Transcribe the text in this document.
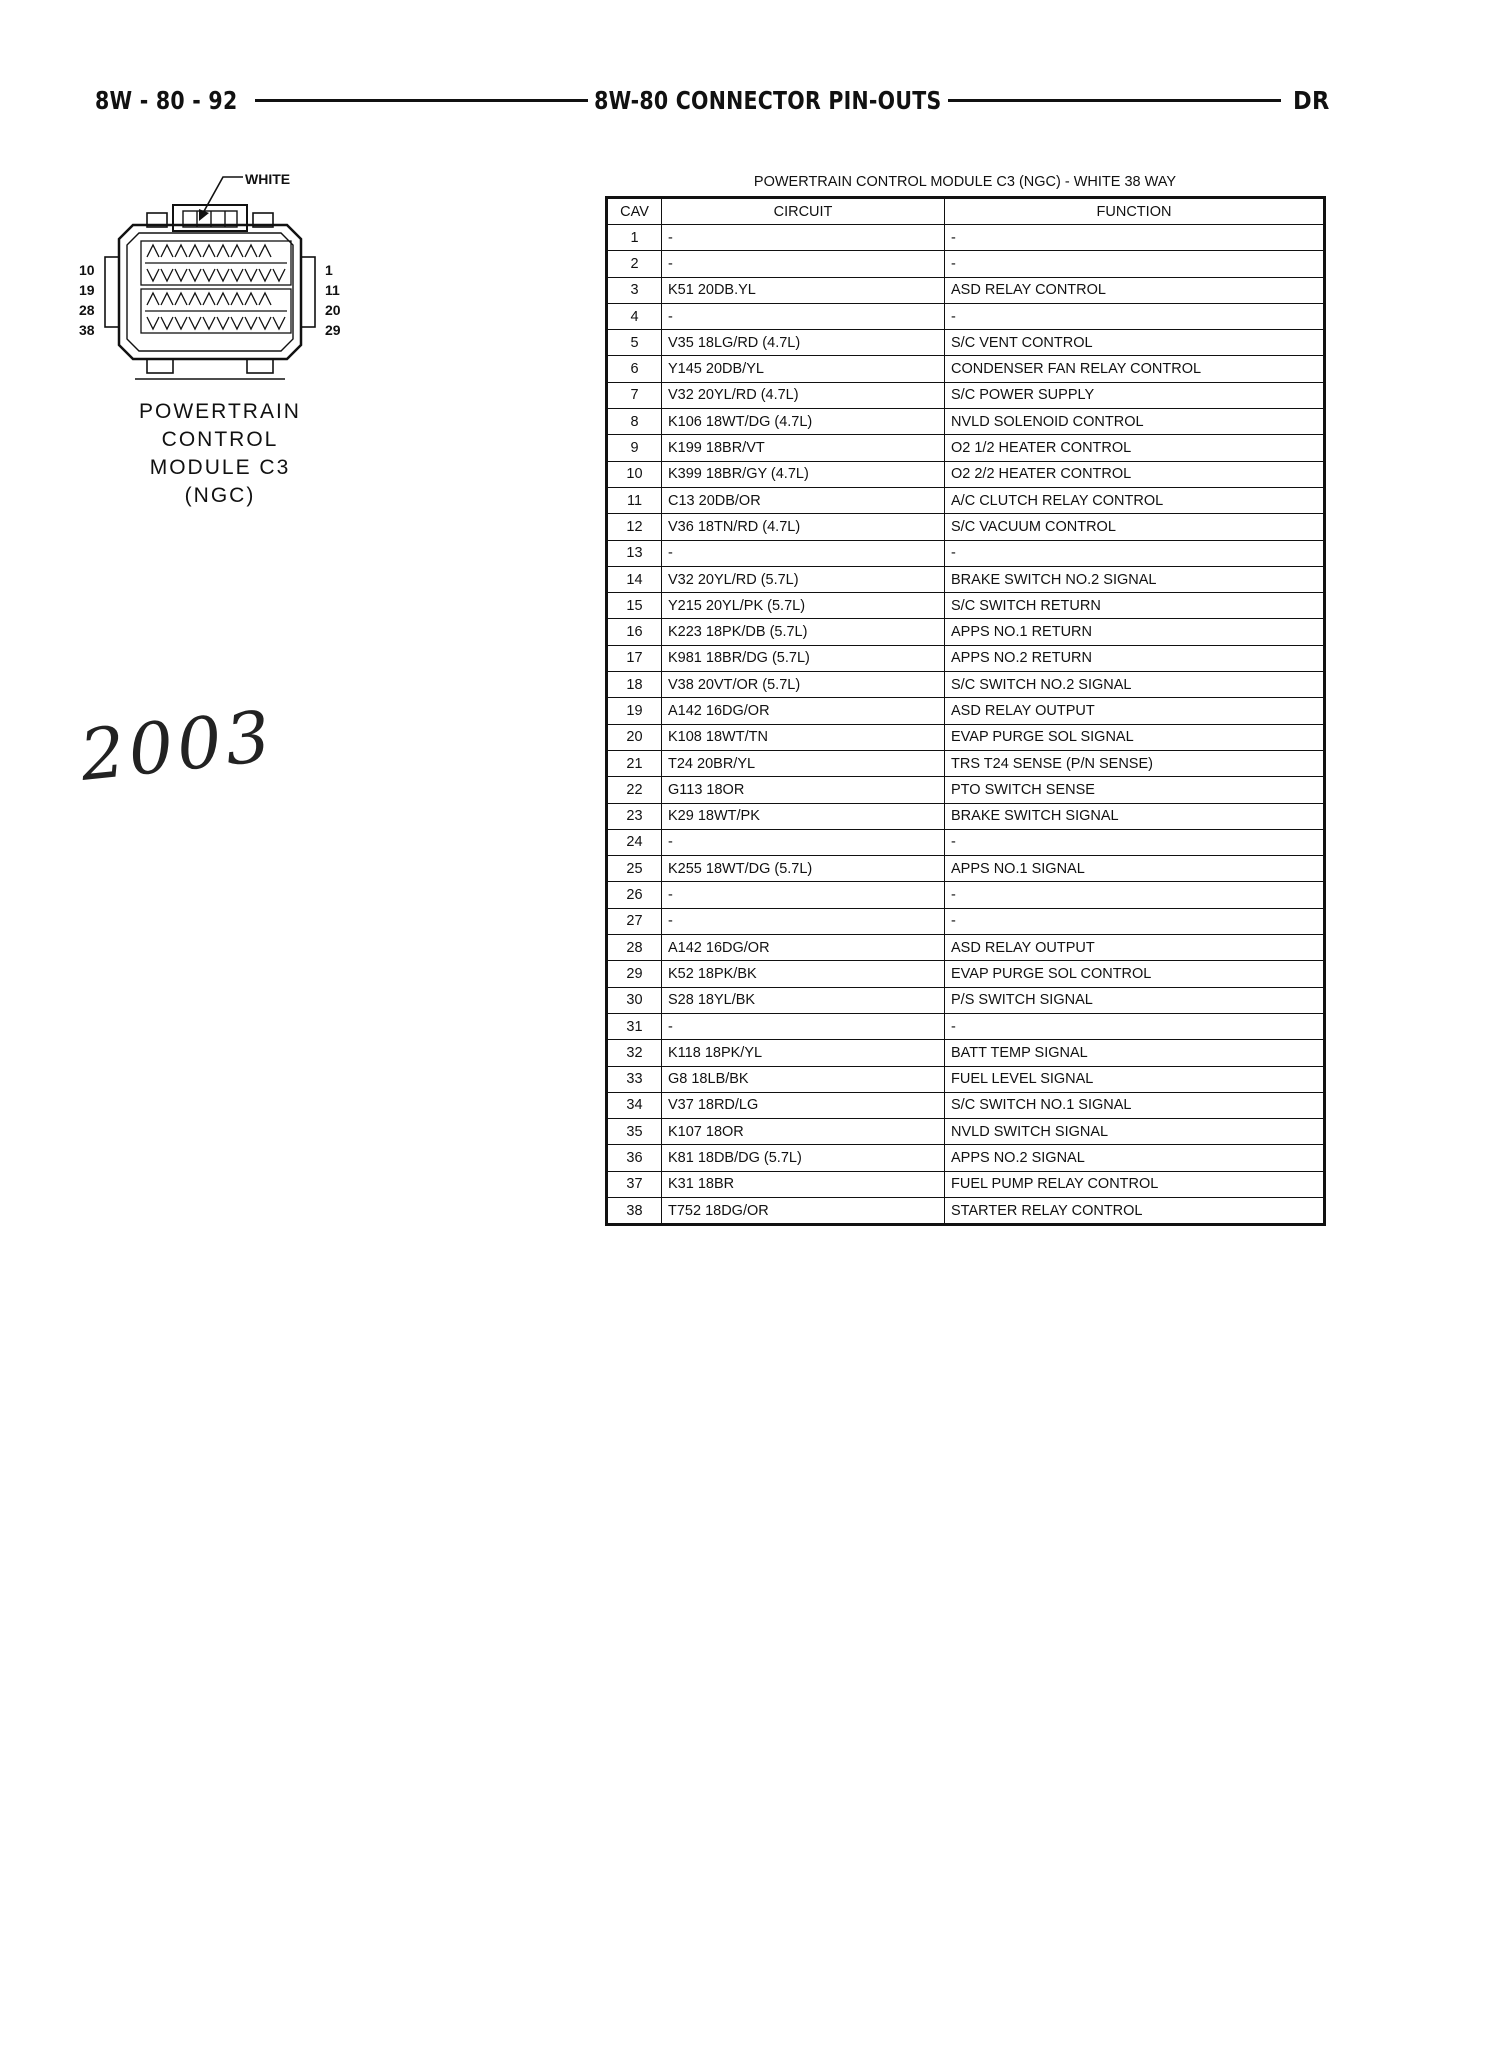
8W - 80 - 92	8W-80 CONNECTOR PIN-OUTS	DR
WHITE
10
19
28
38
1
11
20
29
POWERTRAIN
CONTROL
MODULE C3
(NGC)
2003
POWERTRAIN CONTROL MODULE C3 (NGC) - WHITE 38 WAY
CAV	CIRCUIT	FUNCTION
1	-	-
2	-	-
3	K51 20DB.YL	ASD RELAY CONTROL
4	-	-
5	V35 18LG/RD (4.7L)	S/C VENT CONTROL
6	Y145 20DB/YL	CONDENSER FAN RELAY CONTROL
7	V32 20YL/RD (4.7L)	S/C POWER SUPPLY
8	K106 18WT/DG (4.7L)	NVLD SOLENOID CONTROL
9	K199 18BR/VT	O2 1/2 HEATER CONTROL
10	K399 18BR/GY (4.7L)	O2 2/2 HEATER CONTROL
11	C13 20DB/OR	A/C CLUTCH RELAY CONTROL
12	V36 18TN/RD (4.7L)	S/C VACUUM CONTROL
13	-	-
14	V32 20YL/RD (5.7L)	BRAKE SWITCH NO.2 SIGNAL
15	Y215 20YL/PK (5.7L)	S/C SWITCH RETURN
16	K223 18PK/DB (5.7L)	APPS NO.1 RETURN
17	K981 18BR/DG (5.7L)	APPS NO.2 RETURN
18	V38 20VT/OR (5.7L)	S/C SWITCH NO.2 SIGNAL
19	A142 16DG/OR	ASD RELAY OUTPUT
20	K108 18WT/TN	EVAP PURGE SOL SIGNAL
21	T24 20BR/YL	TRS T24 SENSE (P/N SENSE)
22	G113 18OR	PTO SWITCH SENSE
23	K29 18WT/PK	BRAKE SWITCH SIGNAL
24	-	-
25	K255 18WT/DG (5.7L)	APPS NO.1 SIGNAL
26	-	-
27	-	-
28	A142 16DG/OR	ASD RELAY OUTPUT
29	K52 18PK/BK	EVAP PURGE SOL CONTROL
30	S28 18YL/BK	P/S SWITCH SIGNAL
31	-	-
32	K118 18PK/YL	BATT TEMP SIGNAL
33	G8 18LB/BK	FUEL LEVEL SIGNAL
34	V37 18RD/LG	S/C SWITCH NO.1 SIGNAL
35	K107 18OR	NVLD SWITCH SIGNAL
36	K81 18DB/DG (5.7L)	APPS NO.2 SIGNAL
37	K31 18BR	FUEL PUMP RELAY CONTROL
38	T752 18DG/OR	STARTER RELAY CONTROL
